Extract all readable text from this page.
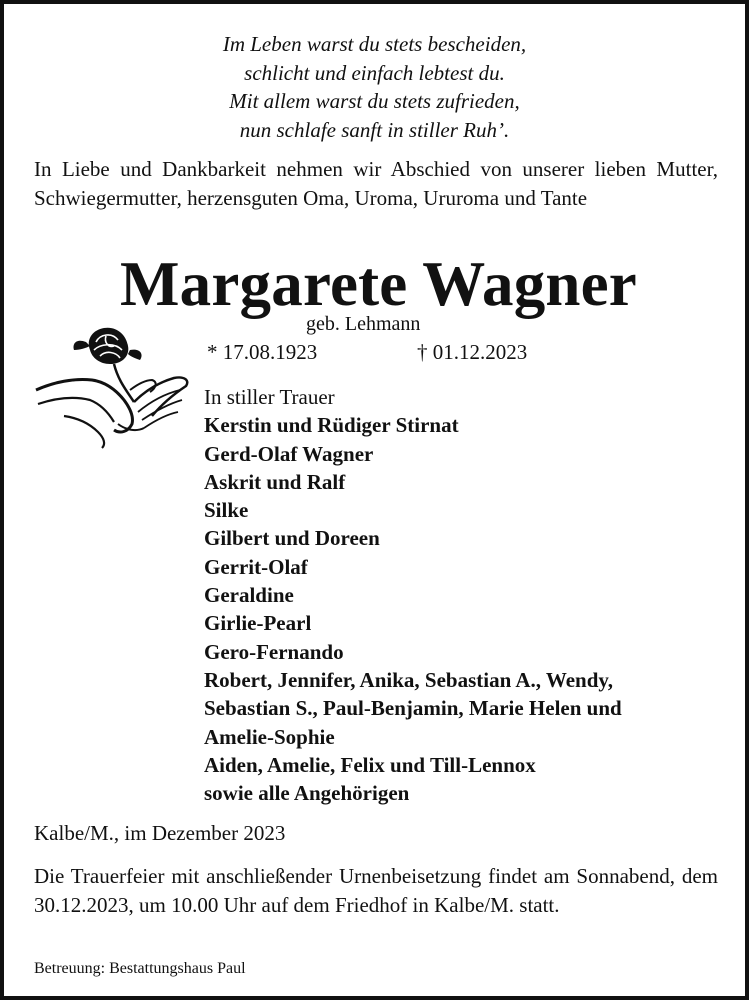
Im Leben warst du stets bescheiden,
schlicht und einfach lebtest du.
Mit allem warst du stets zufrieden,
nun schlafe sanft in stiller Ruh’.
In Liebe und Dankbarkeit nehmen wir Abschied von unserer lieben Mutter, Schwiegermutter, herzensguten Oma, Uroma, Ururoma und Tante
Margarete Wagner
geb. Lehmann
* 17.08.1923	† 01.12.2023
In stiller Trauer
Kerstin und Rüdiger Stirnat
Gerd-Olaf Wagner
Askrit und Ralf
Silke
Gilbert und Doreen
Gerrit-Olaf
Geraldine
Girlie-Pearl
Gero-Fernando
Robert, Jennifer, Anika, Sebastian A., Wendy,
Sebastian S., Paul-Benjamin, Marie Helen und
Amelie-Sophie
Aiden, Amelie, Felix und Till-Lennox
sowie alle Angehörigen
Kalbe/M., im Dezember 2023
Die Trauerfeier mit anschließender Urnenbeisetzung findet am Sonnabend, dem 30.12.2023, um 10.00 Uhr auf dem Friedhof in Kalbe/M. statt.
Betreuung: Bestattungshaus Paul
